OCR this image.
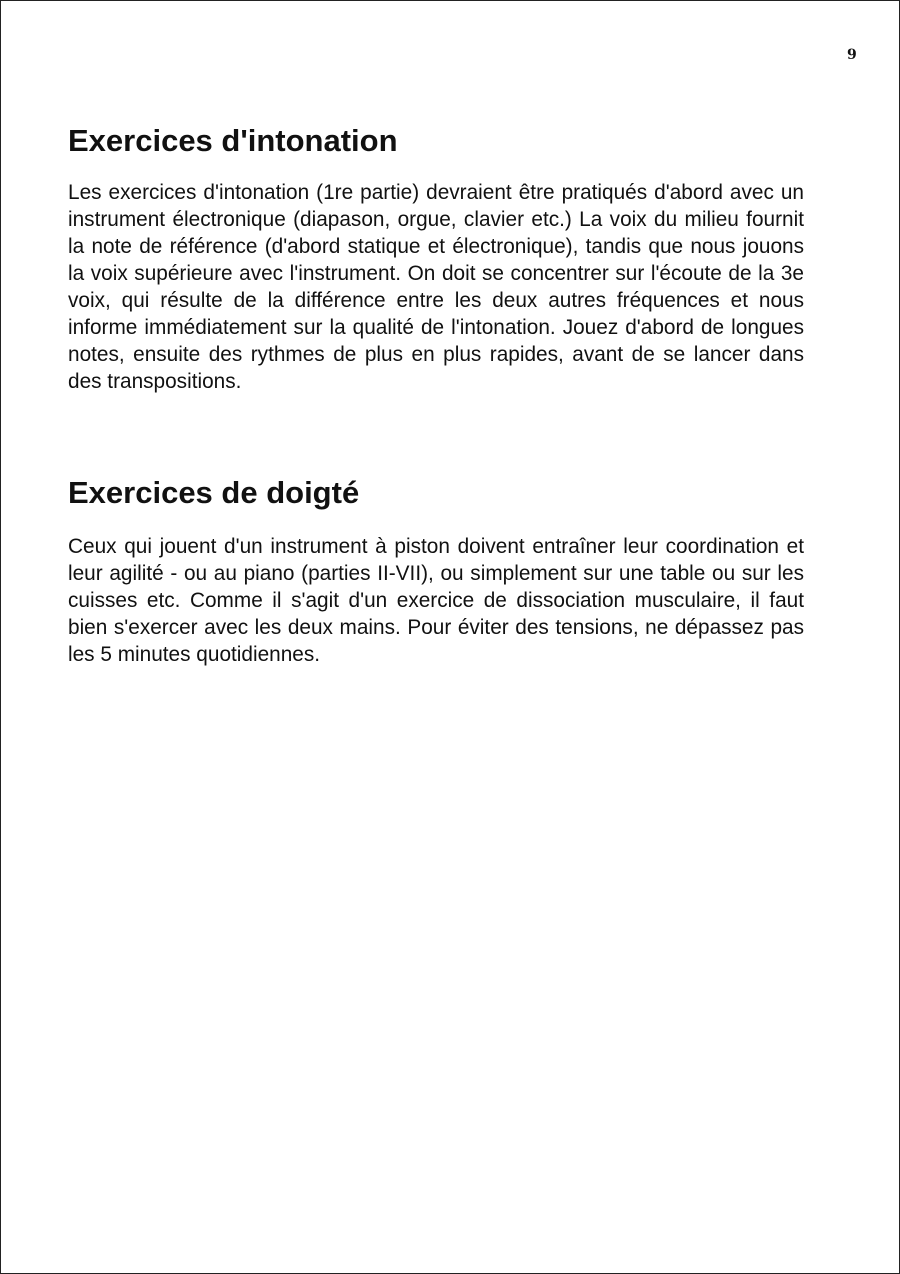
9
Exercices d'intonation

Les exercices d'intonation (1re partie) devraient être pratiqués d'abord avec un instrument électronique (diapason, orgue, clavier etc.) La voix du milieu fournit la note de référence (d'abord statique et électronique), tandis que nous jouons la voix supérieure avec l'instrument. On doit se concentrer sur l'écoute de la 3e voix, qui résulte de la différence entre les deux autres fréquences et nous informe immédiatement sur la qualité de l'intonation. Jouez d'abord de longues notes, ensuite des rythmes de plus en plus rapides, avant de se lancer dans des transpositions.

Exercices de doigté

Ceux qui jouent d'un instrument à piston doivent entraîner leur coordination et leur agilité - ou au piano (parties II-VII), ou simplement sur une table ou sur les cuisses etc. Comme il s'agit d'un exercice de dissociation musculaire, il faut bien s'exercer avec les deux mains. Pour éviter des tensions, ne dépassez pas les 5 minutes quotidiennes.
